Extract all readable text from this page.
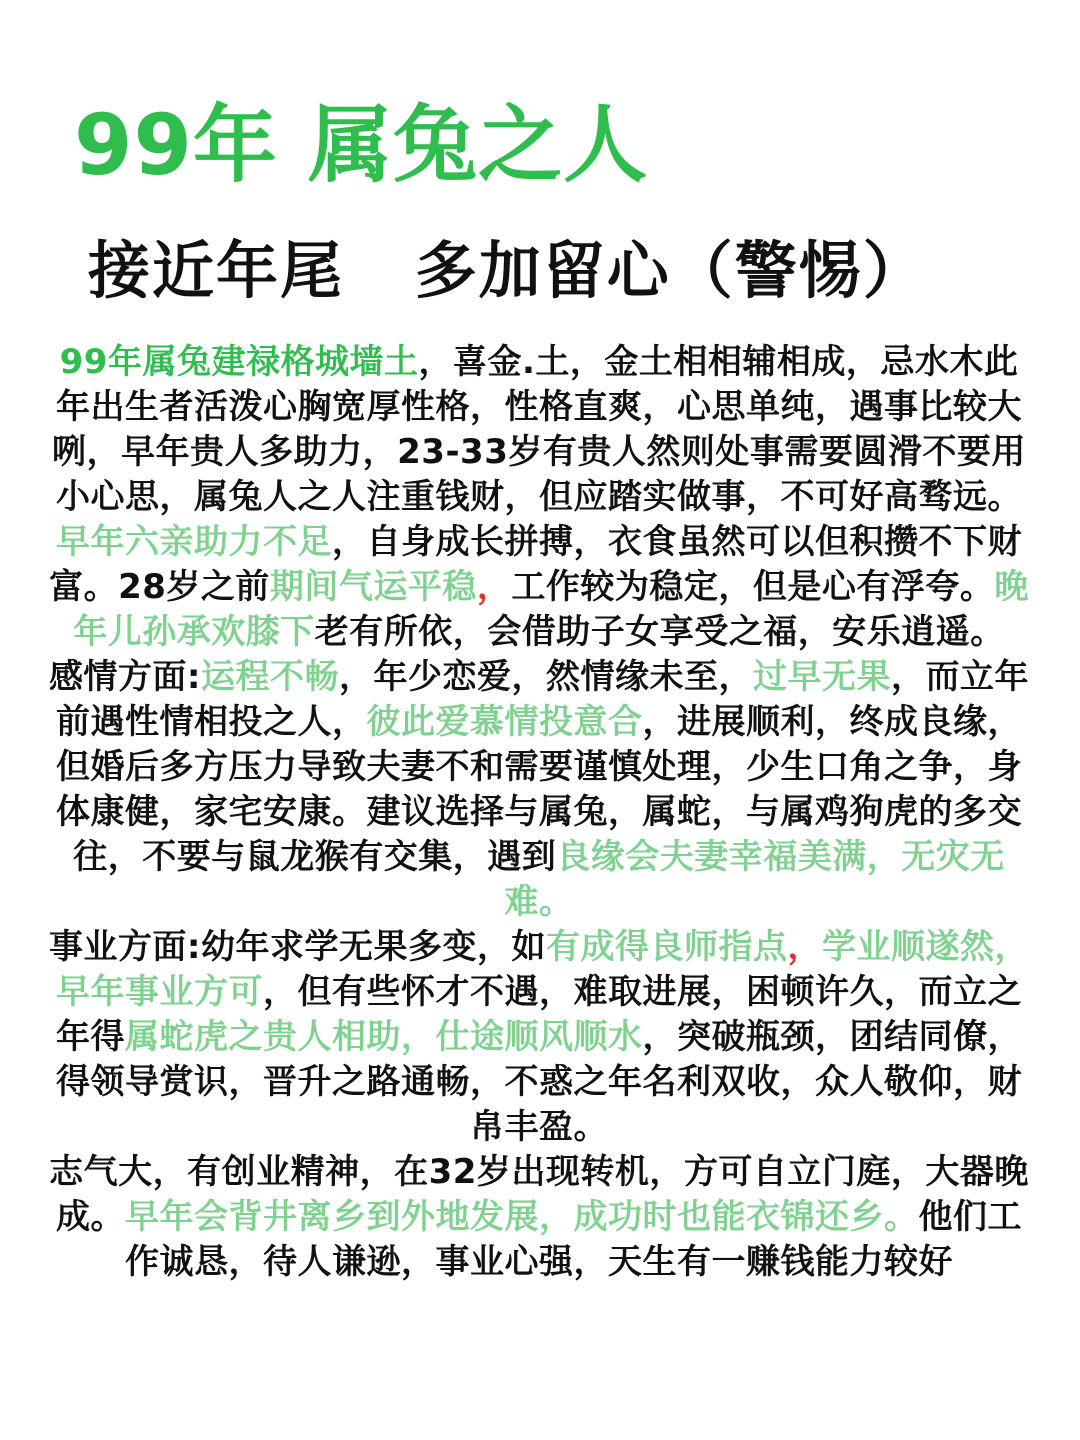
99年 属兔之人
接近年尾   多加留心（警惕）

99年属兔建禄格城墙土，喜金.土，金土相相辅相成，忌水木此年出生者活泼心胸宽厚性格，性格直爽，心思单纯，遇事比较大咧，早年贵人多助力，23-33岁有贵人然则处事需要圆滑不要用小心思，属兔人之人注重钱财，但应踏实做事，不可好高骛远。

早年六亲助力不足，自身成长拼搏，衣食虽然可以但积攒不下财富。28岁之前期间气运平稳，工作较为稳定，但是心有浮夸。晚年儿孙承欢膝下老有所依，会借助子女享受之福，安乐逍遥。

感情方面:运程不畅，年少恋爱，然情缘未至，过早无果，而立年前遇性情相投之人，彼此爱慕情投意合，进展顺利，终成良缘，但婚后多方压力导致夫妻不和需要谨慎处理，少生口角之争，身体康健，家宅安康。建议选择与属兔，属蛇，与属鸡狗虎的多交往，不要与鼠龙猴有交集，遇到良缘会夫妻幸福美满，无灾无难。

事业方面:幼年求学无果多变，如有成得良师指点，学业顺遂然，早年事业方可，但有些怀才不遇，难取进展，困顿许久，而立之年得属蛇虎之贵人相助，仕途顺风顺水，突破瓶颈，团结同僚，得领导赏识，晋升之路通畅，不惑之年名利双收，众人敬仰，财帛丰盈。

志气大，有创业精神，在32岁出现转机，方可自立门庭，大器晚成。早年会背井离乡到外地发展，成功时也能衣锦还乡。他们工作诚恳，待人谦逊，事业心强，天生有一赚钱能力较好
